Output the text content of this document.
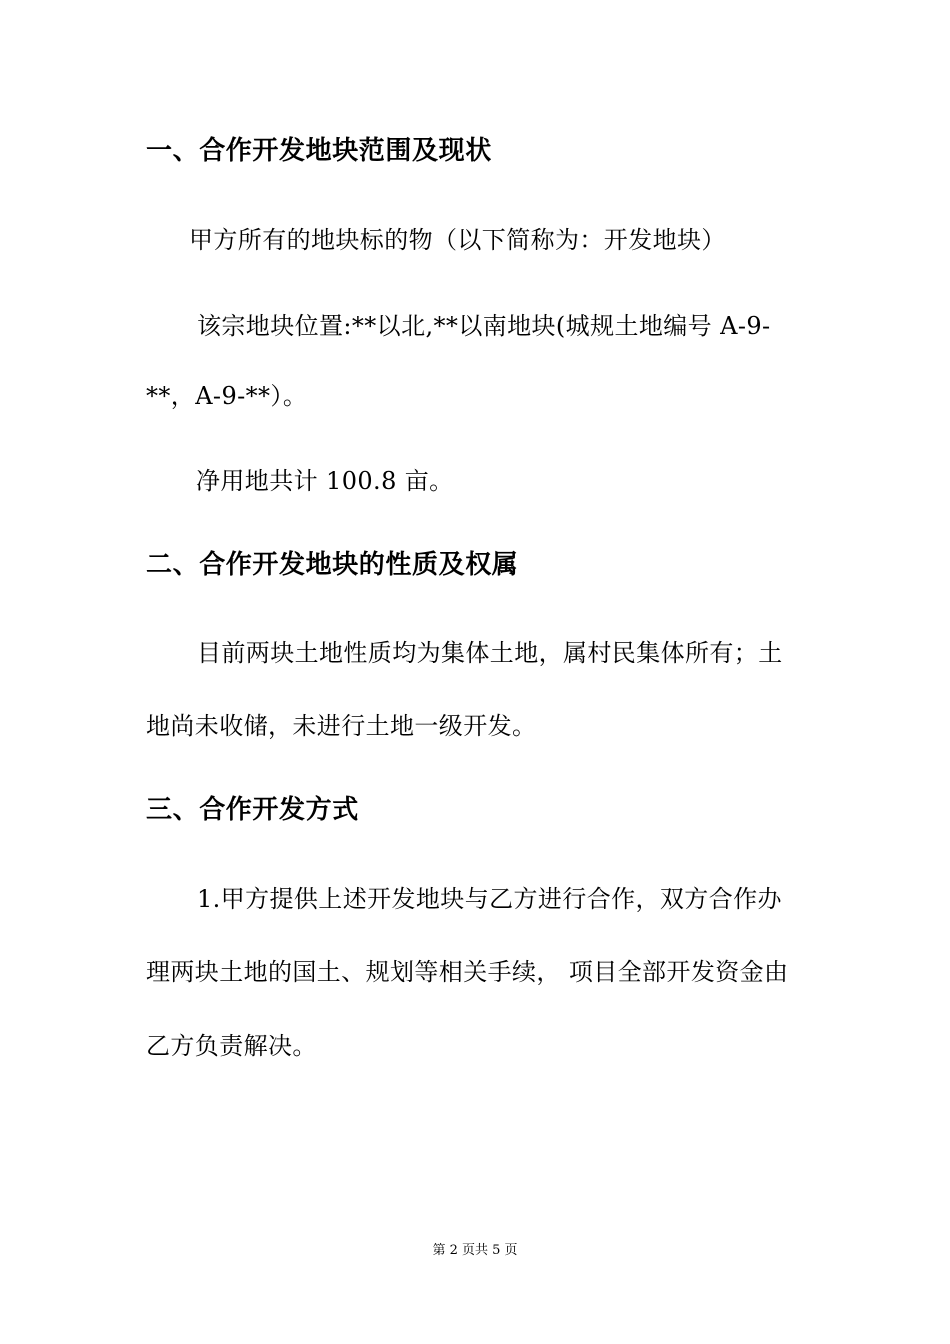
一、合作开发地块范围及现状
甲方所有的地块标的物（以下简称为：开发地块）
该宗地块位置:**以北,**以南地块(城规土地编号 A-9-
**，A-9-**）。
净用地共计 100.8 亩。
二、合作开发地块的性质及权属
目前两块土地性质均为集体土地，属村民集体所有；土
地尚未收储，未进行土地一级开发。
三、合作开发方式
1.甲方提供上述开发地块与乙方进行合作，双方合作办
理两块土地的国土、规划等相关手续， 项目全部开发资金由
乙方负责解决。
第 2 页共 5 页
